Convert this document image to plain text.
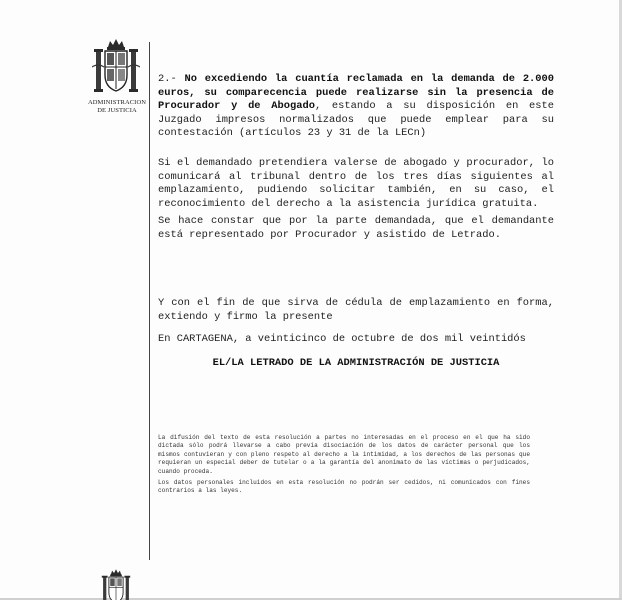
ADMINISTRACION
DE JUSTICIA
2.- No excediendo la cuantía reclamada en la demanda de 2.000 euros, su comparecencia puede realizarse sin la presencia de Procurador y de Abogado, estando a su disposición en este Juzgado impresos normalizados que puede emplear para su contestación (artículos 23 y 31 de la LECn)
Si el demandado pretendiera valerse de abogado y procurador, lo comunicará al tribunal dentro de los tres días siguientes al emplazamiento, pudiendo solicitar también, en su caso, el reconocimiento del derecho a la asistencia jurídica gratuita.
Se hace constar que por la parte demandada, que el demandante está representado por Procurador y asistido de Letrado.
Y con el fin de que sirva de cédula de emplazamiento en forma, extiendo y firmo la presente
En CARTAGENA, a veinticinco de octubre de dos mil veintidós
EL/LA LETRADO DE LA ADMINISTRACIÓN DE JUSTICIA
La difusión del texto de esta resolución a partes no interesadas en el proceso en el que ha sido dictada sólo podrá llevarse a cabo previa disociación de los datos de carácter personal que los mismos contuvieran y con pleno respeto al derecho a la intimidad, a los derechos de las personas que requieran un especial deber de tutelar o a la garantía del anonimato de las víctimas o perjudicados, cuando proceda.
Los datos personales incluidos en esta resolución no podrán ser cedidos, ni comunicados con fines contrarios a las leyes.
